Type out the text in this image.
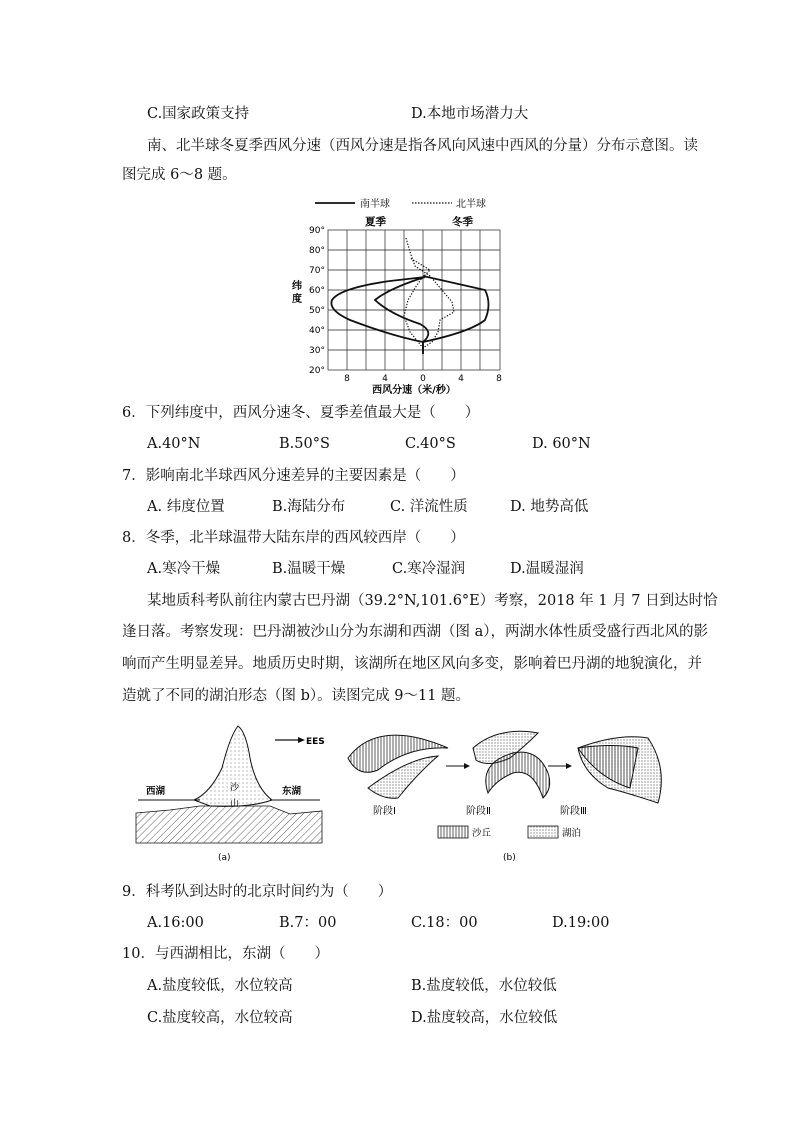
C.国家政策支持	D.本地市场潜力大
南、北半球冬夏季西风分速（西风分速是指各风向风速中西风的分量）分布示意图。读
图完成 6～8 题。
南半球	北半球
夏季	冬季
90°
80°
70°
60°
50°
40°
30°
20°
纬
度
8	4	0	4	8
西风分速（米/秒）
6．下列纬度中，西风分速冬、夏季差值最大是（　　）
A.40°N	B.50°S	C.40°S	D. 60°N
7．影响南北半球西风分速差异的主要因素是（　　）
A. 纬度位置	B.海陆分布	C. 洋流性质	D. 地势高低
8．冬季，北半球温带大陆东岸的西风较西岸（　　）
A.寒冷干燥	B.温暖干燥	C.寒冷湿润	D.温暖湿润
某地质科考队前往内蒙古巴丹湖（39.2°N,101.6°E）考察，2018 年 1 月 7 日到达时恰
逢日落。考察发现：巴丹湖被沙山分为东湖和西湖（图 a），两湖水体性质受盛行西北风的影
响而产生明显差异。地质历史时期，该湖所在地区风向多变，影响着巴丹湖的地貌演化，并
造就了不同的湖泊形态（图 b）。读图完成 9～11 题。
EES
西湖	东湖
沙
山
(a)
阶段Ⅰ	阶段Ⅱ	阶段Ⅲ
沙丘	湖泊
(b)
9．科考队到达时的北京时间约为（　　）
A.16:00	B.7：00	C.18：00	D.19:00
10．与西湖相比，东湖（　　）
A.盐度较低，水位较高	B.盐度较低，水位较低
C.盐度较高，水位较高	D.盐度较高，水位较低
